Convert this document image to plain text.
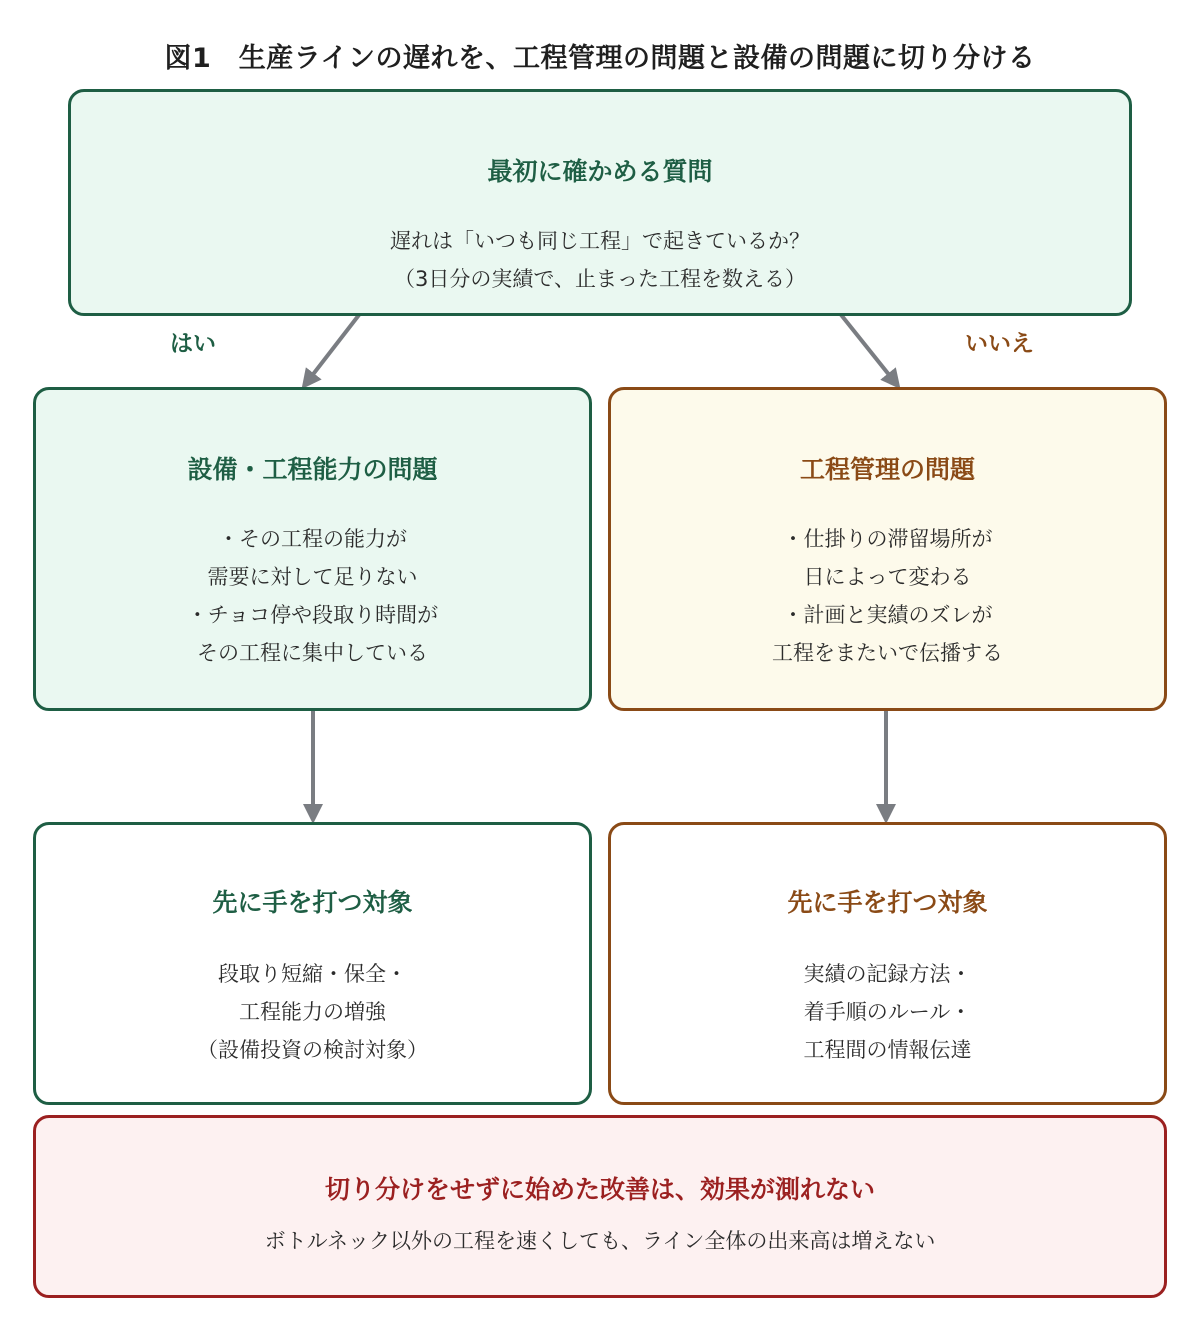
図1　生産ラインの遅れを、工程管理の問題と設備の問題に切り分ける
最初に確かめる質問

遅れは「いつも同じ工程」で起きているか？
（3日分の実績で、止まった工程を数える）

はい	いいえ
設備・工程能力の問題

・その工程の能力が
需要に対して足りない
・チョコ停や段取り時間が
その工程に集中している

工程管理の問題

・仕掛りの滞留場所が
日によって変わる
・計画と実績のズレが
工程をまたいで伝播する

先に手を打つ対象

段取り短縮・保全・
工程能力の増強
（設備投資の検討対象）

先に手を打つ対象

実績の記録方法・
着手順のルール・
工程間の情報伝達

切り分けをせずに始めた改善は、効果が測れない

ボトルネック以外の工程を速くしても、ライン全体の出来高は増えない
